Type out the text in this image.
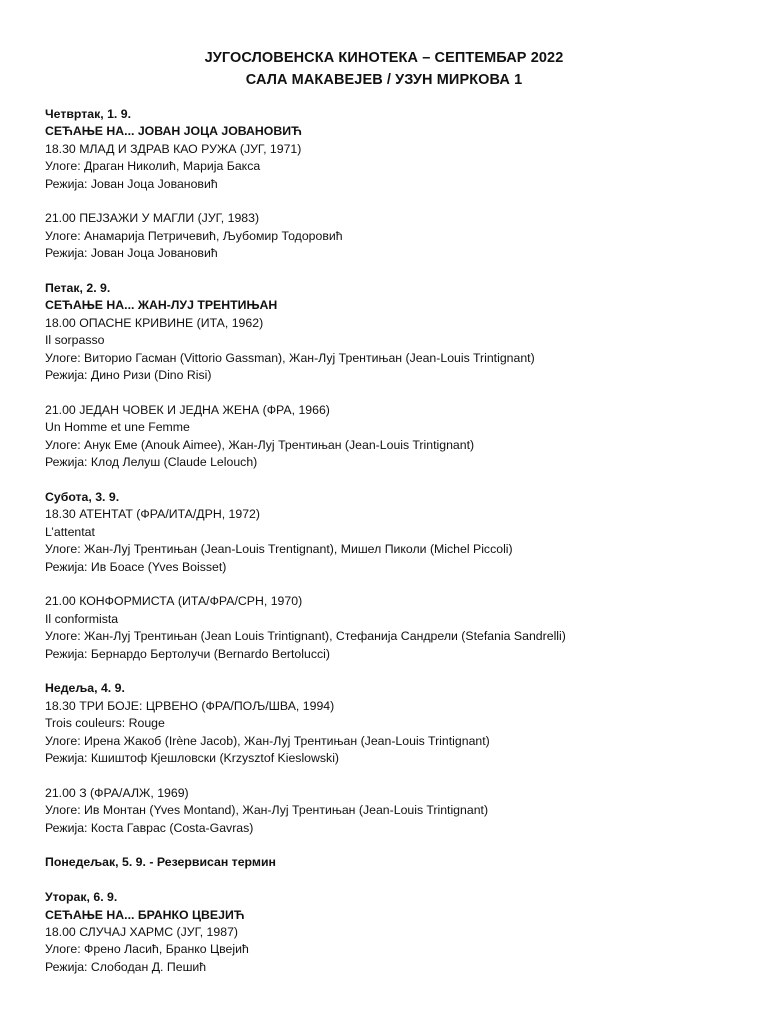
ЈУГОСЛОВЕНСКА КИНОТЕКА – СЕПТЕМБАР 2022
САЛА МАКАВЕЈЕВ / УЗУН МИРКОВА 1
Четвртак, 1. 9.
СЕЋАЊЕ НА... ЈОВАН ЈОЦА ЈОВАНОВИЋ
18.30 МЛАД И ЗДРАВ КАО РУЖА (ЈУГ, 1971)
Улоге: Драган Николић, Марија Бакса
Режија: Јован Јоца Јовановић
21.00 ПЕЈЗАЖИ У МАГЛИ (ЈУГ, 1983)
Улоге: Анамарија Петричевић, Љубомир Тодоровић
Режија: Јован Јоца Јовановић
Петак, 2. 9.
СЕЋАЊЕ НА... ЖАН-ЛУЈ ТРЕНТИЊАН
18.00 ОПАСНЕ КРИВИНЕ (ИТА, 1962)
Il sorpasso
Улоге: Виторио Гасман (Vittorio Gassman), Жан-Луј Трентињан (Jean-Louis Trintignant)
Режија: Дино Ризи (Dino Risi)
21.00 ЈЕДАН ЧОВЕК И ЈЕДНА ЖЕНА (ФРА, 1966)
Un Homme et une Femme
Улоге: Анук Еме (Anouk Aimee), Жан-Луј Трентињан (Jean-Louis Trintignant)
Режија: Клод Лелуш (Claude Lelouch)
Субота, 3. 9.
18.30 АТЕНТАТ (ФРА/ИТА/ДРН, 1972)
L’attentat
Улоге: Жан-Луј Трентињан (Jean-Louis Trentignant), Мишел Пиколи (Michel Piccoli)
Режија: Ив Боасе (Yves Boisset)
21.00 КОНФОРМИСТА (ИТА/ФРА/СРН, 1970)
Il conformista
Улоге: Жан-Луј Трентињан (Jean Louis Trintignant), Стефанија Сандрели (Stefania Sandrelli)
Режија: Бернардо Бертолучи (Bernardo Bertolucci)
Недеља, 4. 9.
18.30 ТРИ БОЈЕ: ЦРВЕНО (ФРА/ПОЉ/ШВА, 1994)
Trois couleurs: Rouge
Улоге: Ирена Жакоб (Irène Jacob), Жан-Луј Трентињан (Jean-Louis Trintignant)
Режија: Кшиштоф Кјешловски (Krzysztof Kieslowski)
21.00 З (ФРА/АЛЖ, 1969)
Улоге: Ив Монтан (Yves Montand), Жан-Луј Трентињан (Jean-Louis Trintignant)
Режија: Коста Гаврас (Costa-Gavras)
Понедељак, 5. 9. - Резервисан термин
Уторак, 6. 9.
СЕЋАЊЕ НА... БРАНКО ЦВЕЈИЋ
18.00 СЛУЧАЈ ХАРМС (ЈУГ, 1987)
Улоге: Френо Ласић, Бранко Цвејић
Режија: Слободан Д. Пешић
